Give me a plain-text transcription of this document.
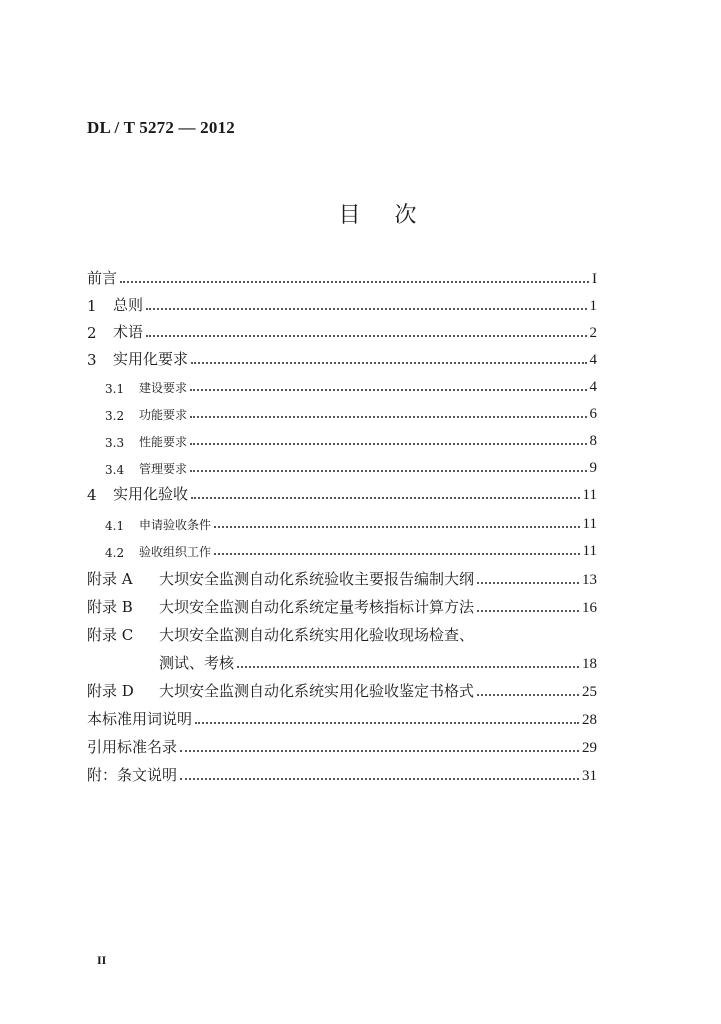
DL / T 5272 — 2012
目次
前言	I
1	总则	1
2	术语	2
3	实用化要求	4
3.1	建设要求	4
3.2	功能要求	6
3.3	性能要求	8
3.4	管理要求	9
4	实用化验收	11
4.1	申请验收条件	11
4.2	验收组织工作	11
附录 A	大坝安全监测自动化系统验收主要报告编制大纲	13
附录 B	大坝安全监测自动化系统定量考核指标计算方法	16
附录 C	大坝安全监测自动化系统实用化验收现场检查、
测试、考核	18
附录 D	大坝安全监测自动化系统实用化验收鉴定书格式	25
本标准用词说明	28
引用标准名录	29
附：条文说明	31
II
